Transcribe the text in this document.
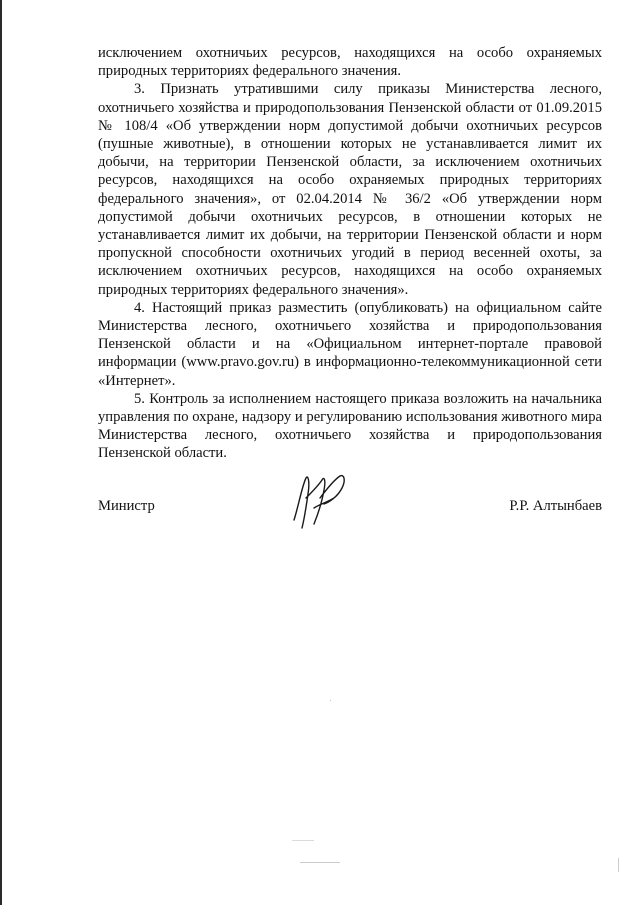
исключением охотничьих ресурсов, находящихся на особо охраняемых природных территориях федерального значения.

3. Признать утратившими силу приказы Министерства лесного, охотничьего хозяйства и природопользования Пензенской области от 01.09.2015 № 108/4 «Об утверждении норм допустимой добычи охотничьих ресурсов (пушные животные), в отношении которых не устанавливается лимит их добычи, на территории Пензенской области, за исключением охотничьих ресурсов, находящихся на особо охраняемых природных территориях федерального значения», от 02.04.2014 № 36/2 «Об утверждении норм допустимой добычи охотничьих ресурсов, в отношении которых не устанавливается лимит их добычи, на территории Пензенской области и норм пропускной способности охотничьих угодий в период весенней охоты, за исключением охотничьих ресурсов, находящихся на особо охраняемых природных территориях федерального значения».

4. Настоящий приказ разместить (опубликовать) на официальном сайте Министерства лесного, охотничьего хозяйства и природопользования Пензенской области и на «Официальном интернет-портале правовой информации (www.pravo.gov.ru) в информационно-телекоммуникационной сети «Интернет».

5. Контроль за исполнением настоящего приказа возложить на начальника управления по охране, надзору и регулированию использования животного мира Министерства лесного, охотничьего хозяйства и природопользования Пензенской области.

Министр	Р.Р. Алтынбаев
